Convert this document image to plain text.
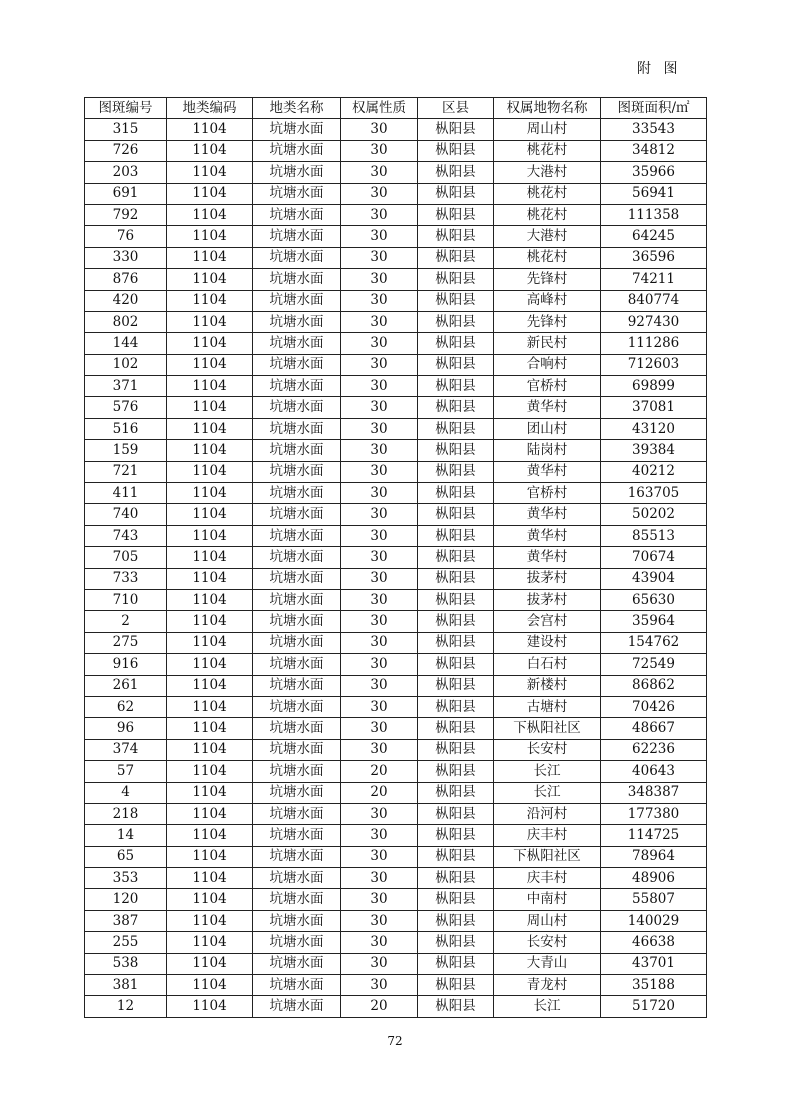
附 图
图斑编号	地类编码	地类名称	权属性质	区县	权属地物名称	图斑面积/㎡
315	1104	坑塘水面	30	枞阳县	周山村	33543
726	1104	坑塘水面	30	枞阳县	桃花村	34812
203	1104	坑塘水面	30	枞阳县	大港村	35966
691	1104	坑塘水面	30	枞阳县	桃花村	56941
792	1104	坑塘水面	30	枞阳县	桃花村	111358
76	1104	坑塘水面	30	枞阳县	大港村	64245
330	1104	坑塘水面	30	枞阳县	桃花村	36596
876	1104	坑塘水面	30	枞阳县	先锋村	74211
420	1104	坑塘水面	30	枞阳县	高峰村	840774
802	1104	坑塘水面	30	枞阳县	先锋村	927430
144	1104	坑塘水面	30	枞阳县	新民村	111286
102	1104	坑塘水面	30	枞阳县	合响村	712603
371	1104	坑塘水面	30	枞阳县	官桥村	69899
576	1104	坑塘水面	30	枞阳县	黄华村	37081
516	1104	坑塘水面	30	枞阳县	团山村	43120
159	1104	坑塘水面	30	枞阳县	陆岗村	39384
721	1104	坑塘水面	30	枞阳县	黄华村	40212
411	1104	坑塘水面	30	枞阳县	官桥村	163705
740	1104	坑塘水面	30	枞阳县	黄华村	50202
743	1104	坑塘水面	30	枞阳县	黄华村	85513
705	1104	坑塘水面	30	枞阳县	黄华村	70674
733	1104	坑塘水面	30	枞阳县	拔茅村	43904
710	1104	坑塘水面	30	枞阳县	拔茅村	65630
2	1104	坑塘水面	30	枞阳县	会宫村	35964
275	1104	坑塘水面	30	枞阳县	建设村	154762
916	1104	坑塘水面	30	枞阳县	白石村	72549
261	1104	坑塘水面	30	枞阳县	新楼村	86862
62	1104	坑塘水面	30	枞阳县	古塘村	70426
96	1104	坑塘水面	30	枞阳县	下枞阳社区	48667
374	1104	坑塘水面	30	枞阳县	长安村	62236
57	1104	坑塘水面	20	枞阳县	长江	40643
4	1104	坑塘水面	20	枞阳县	长江	348387
218	1104	坑塘水面	30	枞阳县	沿河村	177380
14	1104	坑塘水面	30	枞阳县	庆丰村	114725
65	1104	坑塘水面	30	枞阳县	下枞阳社区	78964
353	1104	坑塘水面	30	枞阳县	庆丰村	48906
120	1104	坑塘水面	30	枞阳县	中南村	55807
387	1104	坑塘水面	30	枞阳县	周山村	140029
255	1104	坑塘水面	30	枞阳县	长安村	46638
538	1104	坑塘水面	30	枞阳县	大青山	43701
381	1104	坑塘水面	30	枞阳县	青龙村	35188
12	1104	坑塘水面	20	枞阳县	长江	51720
72
